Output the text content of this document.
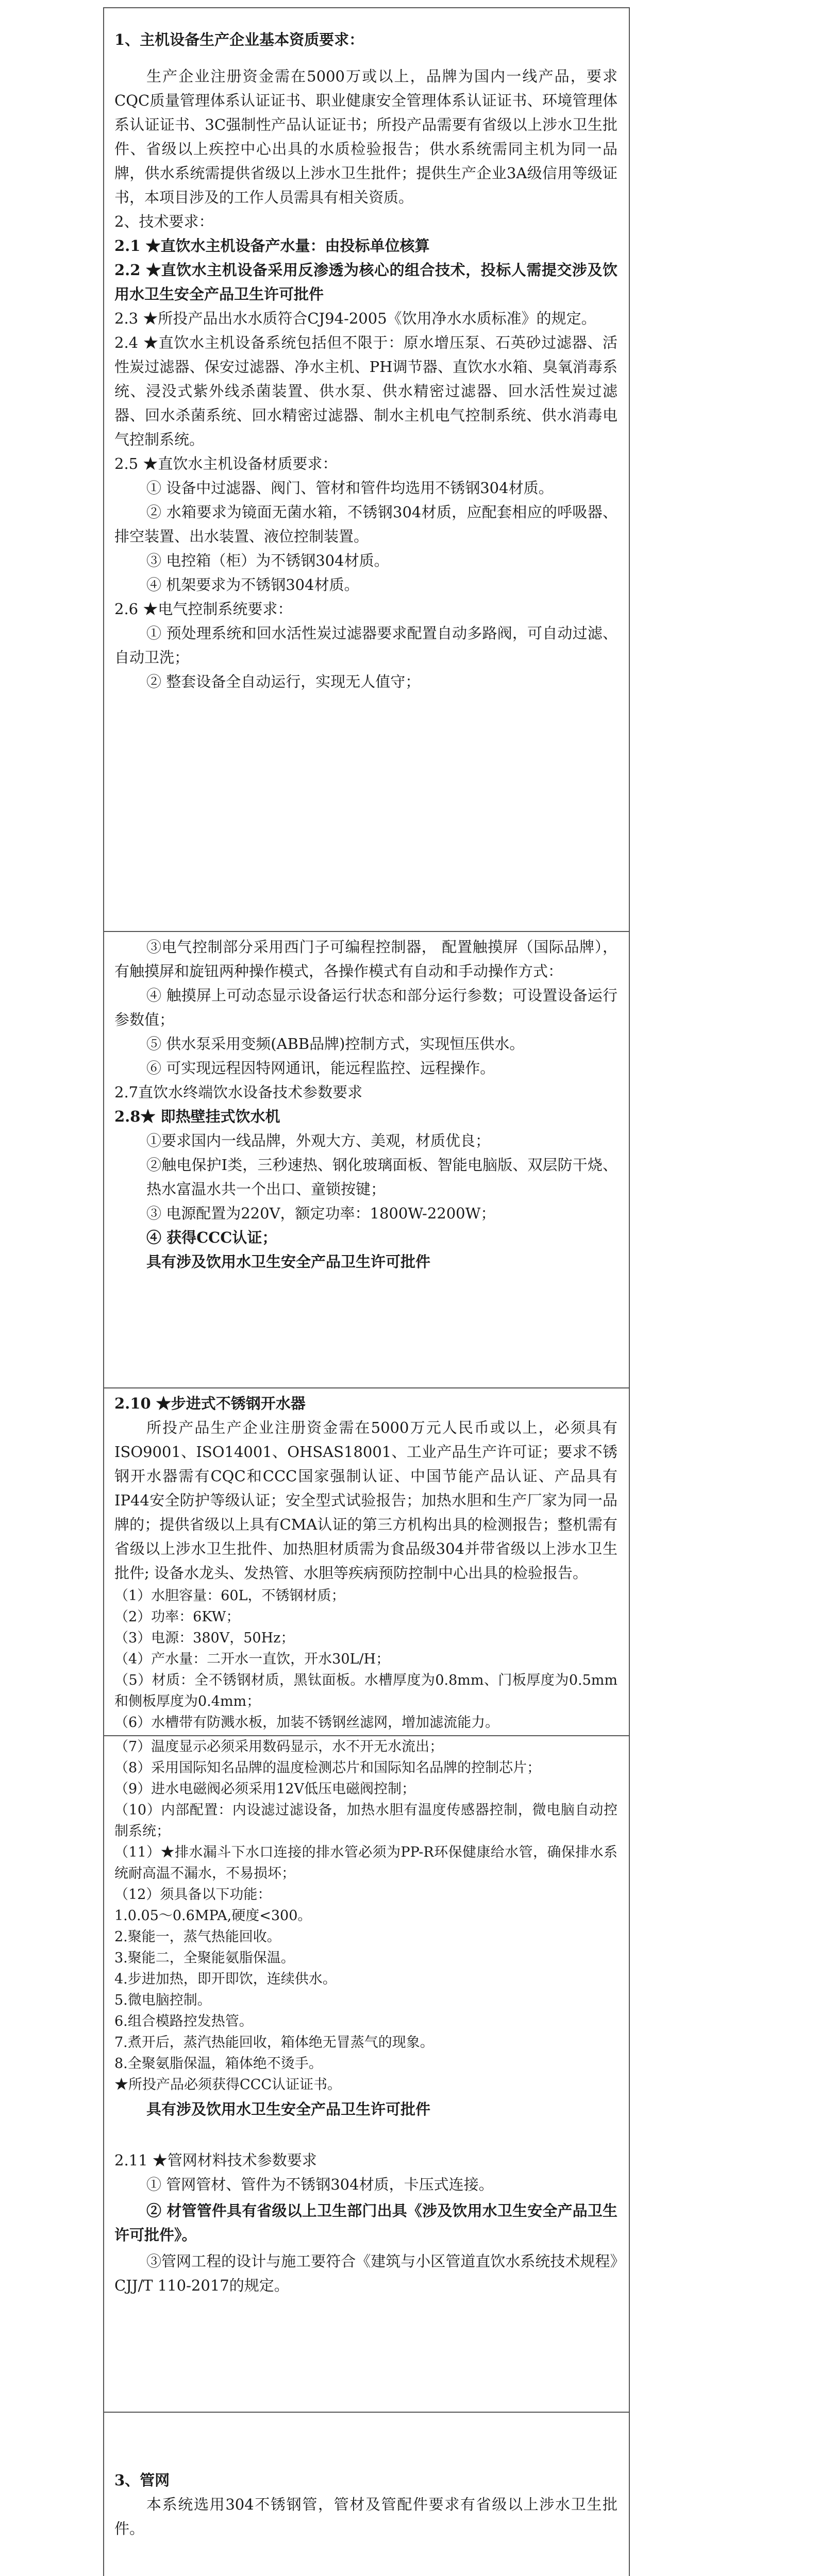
1、主机设备生产企业基本资质要求：

生产企业注册资金需在5000万或以上，品牌为国内一线产品，要求CQC质量管理体系认证证书、职业健康安全管理体系认证证书、环境管理体系认证证书、3C强制性产品认证证书；所投产品需要有省级以上涉水卫生批件、省级以上疾控中心出具的水质检验报告；供水系统需同主机为同一品牌，供水系统需提供省级以上涉水卫生批件；提供生产企业3A级信用等级证书，本项目涉及的工作人员需具有相关资质。

2、技术要求：

2.1 ★直饮水主机设备产水量：由投标单位核算

2.2 ★直饮水主机设备采用反渗透为核心的组合技术，投标人需提交涉及饮用水卫生安全产品卫生许可批件

2.3 ★所投产品出水水质符合CJ94-2005《饮用净水水质标准》的规定。

2.4 ★直饮水主机设备系统包括但不限于：原水增压泵、石英砂过滤器、活性炭过滤器、保安过滤器、净水主机、PH调节器、直饮水水箱、臭氧消毒系统、浸没式紫外线杀菌装置、供水泵、供水精密过滤器、回水活性炭过滤器、回水杀菌系统、回水精密过滤器、制水主机电气控制系统、供水消毒电气控制系统。

2.5 ★直饮水主机设备材质要求：

① 设备中过滤器、阀门、管材和管件均选用不锈钢304材质。

② 水箱要求为镜面无菌水箱，不锈钢304材质，应配套相应的呼吸器、排空装置、出水装置、液位控制装置。

③ 电控箱（柜）为不锈钢304材质。

④ 机架要求为不锈钢304材质。

2.6 ★电气控制系统要求：

① 预处理系统和回水活性炭过滤器要求配置自动多路阀，可自动过滤、自动卫洗；

② 整套设备全自动运行，实现无人值守；

③电气控制部分采用西门子可编程控制器， 配置触摸屏（国际品牌），有触摸屏和旋钮两种操作模式，各操作模式有自动和手动操作方式：

④ 触摸屏上可动态显示设备运行状态和部分运行参数；可设置设备运行参数值；

⑤ 供水泵采用变频(ABB品牌)控制方式，实现恒压供水。

⑥ 可实现远程因特网通讯，能远程监控、远程操作。

2.7直饮水终端饮水设备技术参数要求

2.8★ 即热壁挂式饮水机

①要求国内一线品牌，外观大方、美观，材质优良；

②触电保护Ⅰ类，三秒速热、钢化玻璃面板、智能电脑版、双层防干烧、热水富温水共一个出口、童锁按键；

③ 电源配置为220V，额定功率：1800W-2200W；

④ 获得CCC认证；

具有涉及饮用水卫生安全产品卫生许可批件

2.10 ★步进式不锈钢开水器

所投产品生产企业注册资金需在5000万元人民币或以上，必须具有 ISO9001、ISO14001、OHSAS18001、工业产品生产许可证；要求不锈钢开水器需有CQC和CCC国家强制认证、中国节能产品认证、产品具有IP44安全防护等级认证；安全型式试验报告；加热水胆和生产厂家为同一品牌的；提供省级以上具有CMA认证的第三方机构出具的检测报告；整机需有省级以上涉水卫生批件、加热胆材质需为食品级304并带省级以上涉水卫生批件; 设备水龙头、发热管、水胆等疾病预防控制中心出具的检验报告。

（1）水胆容量：60L，不锈钢材质；

（2）功率：6KW；

（3）电源：380V，50Hz；

（4）产水量：二开水一直饮，开水30L/H；

（5）材质：全不锈钢材质，黑钛面板。水槽厚度为0.8mm、门板厚度为0.5mm和侧板厚度为0.4mm；

（6）水槽带有防溅水板，加装不锈钢丝滤网，增加滤流能力。

（7）温度显示必须采用数码显示，水不开无水流出；

（8）采用国际知名品牌的温度检测芯片和国际知名品牌的控制芯片；

（9）进水电磁阀必须采用12V低压电磁阀控制；

（10）内部配置：内设滤过滤设备，加热水胆有温度传感器控制，微电脑自动控制系统；

（11）★排水漏斗下水口连接的排水管必须为PP-R环保健康给水管，确保排水系统耐高温不漏水，不易损坏；

（12）须具备以下功能：

1.0.05～0.6MPA,硬度<300。

2.聚能一，蒸气热能回收。

3.聚能二，全聚能氨脂保温。

4.步进加热，即开即饮，连续供水。

5.微电脑控制。

6.组合模路控发热管。

7.煮开后，蒸汽热能回收，箱体绝无冒蒸气的现象。

8.全聚氨脂保温，箱体绝不烫手。

★所投产品必须获得CCC认证证书。

具有涉及饮用水卫生安全产品卫生许可批件

2.11 ★管网材料技术参数要求

① 管网管材、管件为不锈钢304材质，卡压式连接。

② 材管管件具有省级以上卫生部门出具《涉及饮用水卫生安全产品卫生许可批件》。

③管网工程的设计与施工要符合《建筑与小区管道直饮水系统技术规程》CJJ/T 110-2017的规定。

3、管网

本系统选用304不锈钢管，管材及管配件要求有省级以上涉水卫生批件。
